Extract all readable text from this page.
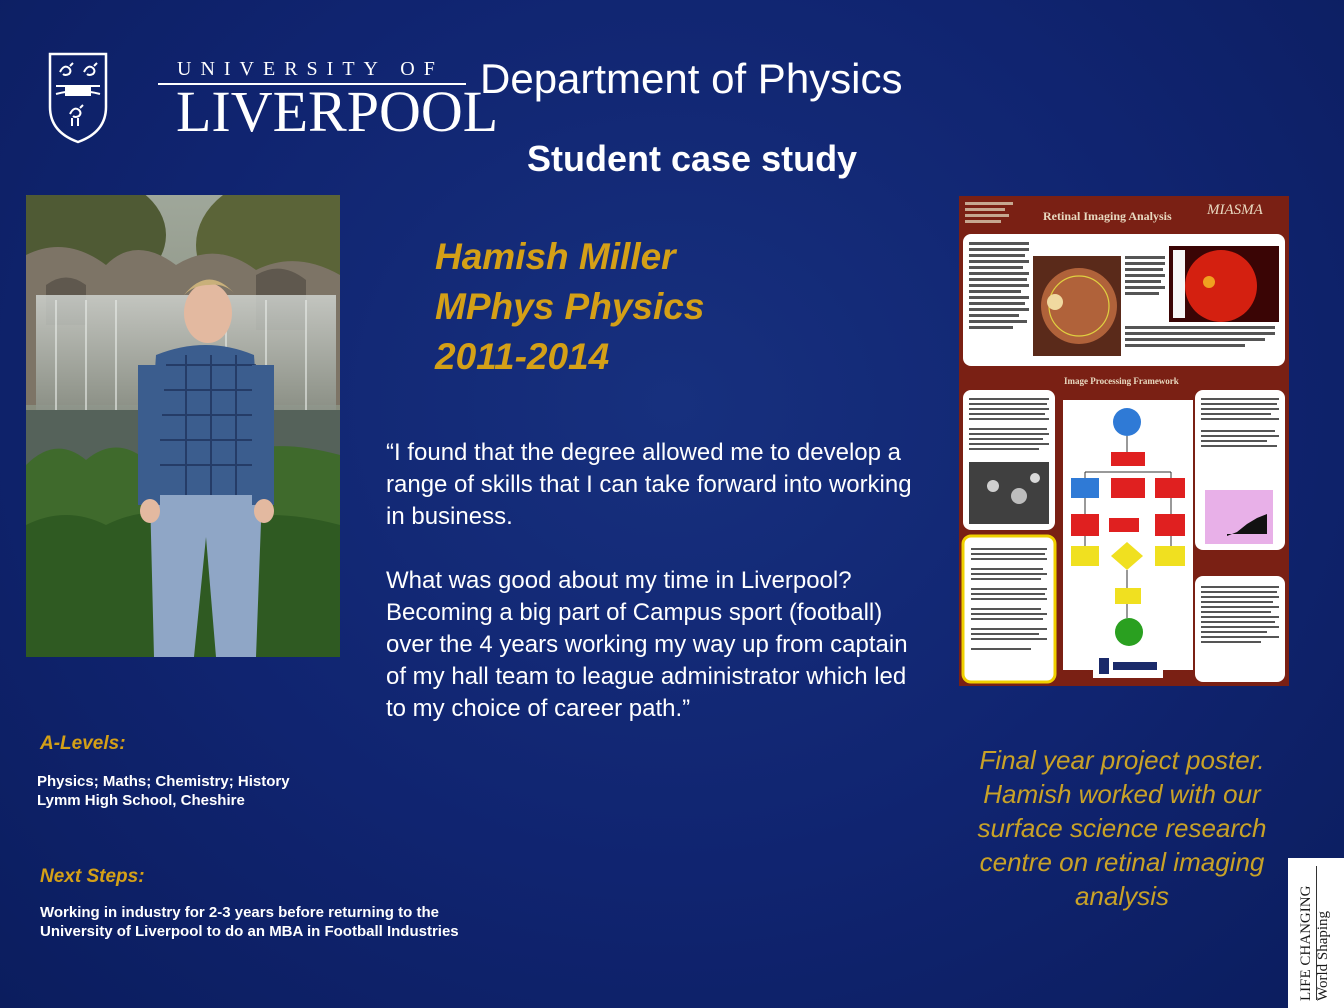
UNIVERSITY OF
LIVERPOOL
Department of Physics
Student case study
Hamish Miller
MPhys Physics
2011-2014

“I found that the degree allowed me to develop a range of skills that I can take forward into working in business.

What was good about my time in Liverpool? Becoming a big part of Campus sport (football) over the 4 years working my way up from captain of my hall team to league administrator which led to my choice of career path.”

A-Levels:
Physics; Maths; Chemistry; History
Lymm High School, Cheshire
Next Steps:
Working in industry for 2-3 years before returning to the
University of Liverpool to do an MBA in Football Industries
Retinal Imaging Analysis MIASMA
Image Processing Framework
Final year project poster. Hamish worked with our surface science research centre on retinal imaging analysis	LIFE CHANGING World Shaping
